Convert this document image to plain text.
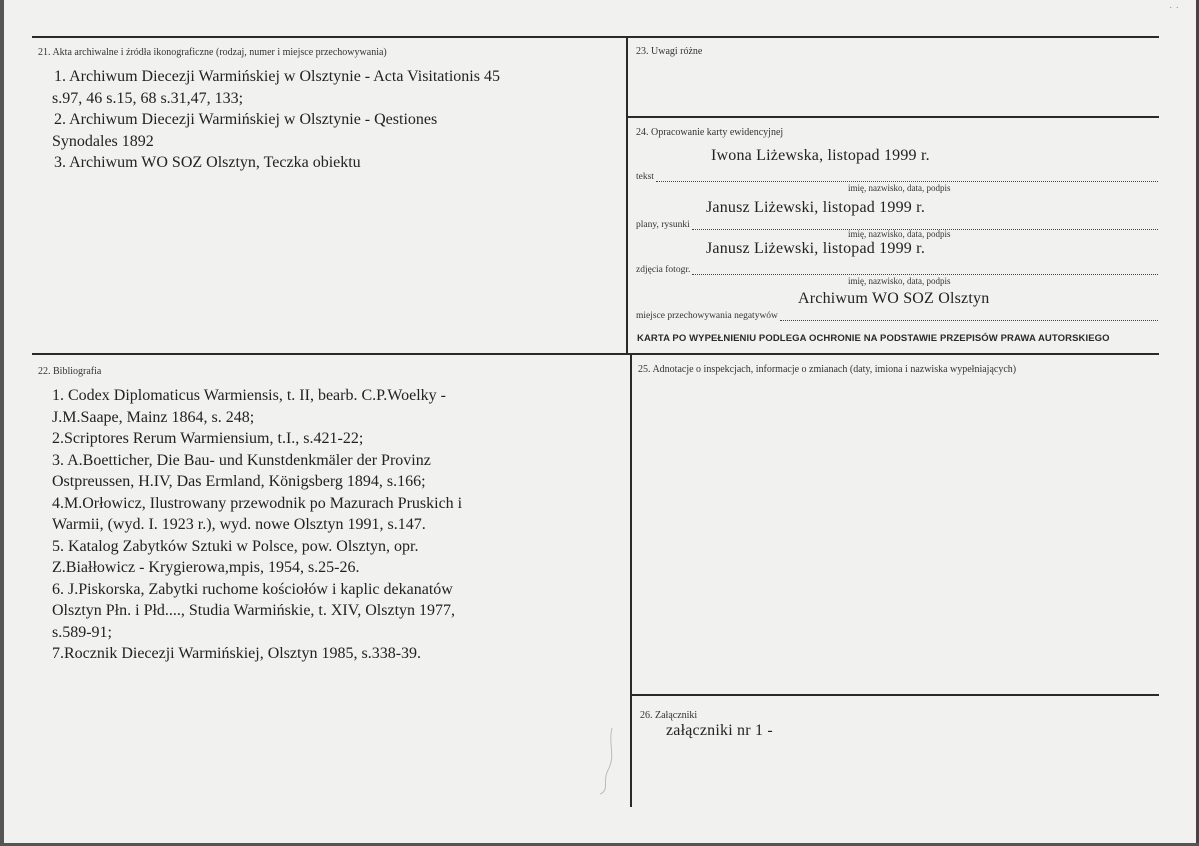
21. Akta archiwalne i źródła ikonograficzne (rodzaj, numer i miejsce przechowywania)
1. Archiwum Diecezji Warmińskiej w Olsztynie - Acta Visitationis 45
s.97, 46 s.15, 68 s.31,47, 133;
2. Archiwum Diecezji Warmińskiej w Olsztynie - Qestiones
Synodales 1892
3. Archiwum WO SOZ Olsztyn, Teczka obiektu
23. Uwagi różne
24. Opracowanie karty ewidencyjnej
Iwona Liżewska, listopad 1999 r.
tekst
imię, nazwisko, data, podpis
Janusz Liżewski, listopad 1999 r.
plany, rysunki
imię, nazwisko, data, podpis
Janusz Liżewski, listopad 1999 r.
zdjęcia fotogr.
imię, nazwisko, data, podpis
Archiwum WO SOZ Olsztyn
miejsce przechowywania negatywów
KARTA PO WYPEŁNIENIU PODLEGA OCHRONIE NA PODSTAWIE PRZEPISÓW PRAWA AUTORSKIEGO
22. Bibliografia
1. Codex Diplomaticus Warmiensis, t. II, bearb. C.P.Woelky -
J.M.Saape, Mainz 1864, s. 248;
2.Scriptores Rerum Warmiensium, t.I., s.421-22;
3. A.Boetticher, Die Bau- und Kunstdenkmäler der Provinz
Ostpreussen, H.IV, Das Ermland, Königsberg 1894, s.166;
4.M.Orłowicz, Ilustrowany przewodnik po Mazurach Pruskich i
Warmii, (wyd. I. 1923 r.), wyd. nowe Olsztyn 1991, s.147.
5. Katalog Zabytków Sztuki w Polsce, pow. Olsztyn, opr.
Z.Białłowicz - Krygierowa,mpis, 1954, s.25-26.
6. J.Piskorska, Zabytki ruchome kościołów i kaplic dekanatów
Olsztyn Płn. i Płd...., Studia Warmińskie, t. XIV, Olsztyn 1977,
s.589-91;
7.Rocznik Diecezji Warmińskiej, Olsztyn 1985, s.338-39.
25. Adnotacje o inspekcjach, informacje o zmianach (daty, imiona i nazwiska wypełniających)
26. Załączniki
załączniki nr 1 -
· ·
